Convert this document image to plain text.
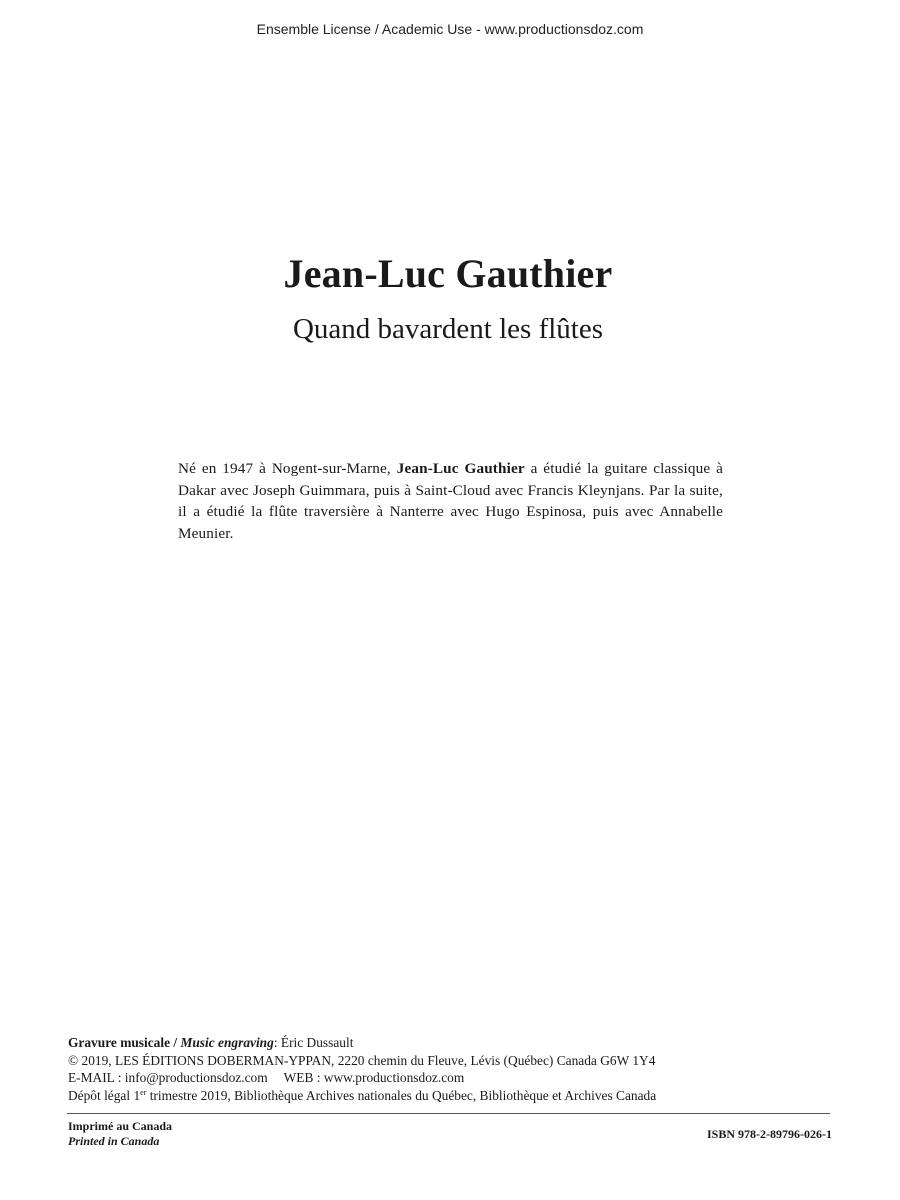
Ensemble License / Academic Use - www.productionsdoz.com
Jean-Luc Gauthier
Quand bavardent les flûtes
Né en 1947 à Nogent-sur-Marne, Jean-Luc Gauthier a étudié la guitare classique à Dakar avec Joseph Guimmara, puis à Saint-Cloud avec Francis Kleynjans. Par la suite, il a étudié la flûte traversière à Nanterre avec Hugo Espinosa, puis avec Annabelle Meunier.
Gravure musicale / Music engraving: Éric Dussault
© 2019, LES ÉDITIONS DOBERMAN-YPPAN, 2220 chemin du Fleuve, Lévis (Québec) Canada G6W 1Y4
E-MAIL : info@productionsdoz.com WEB : www.productionsdoz.com
Dépôt légal 1er trimestre 2019, Bibliothèque Archives nationales du Québec, Bibliothèque et Archives Canada
Imprimé au Canada
Printed in Canada	ISBN 978-2-89796-026-1
